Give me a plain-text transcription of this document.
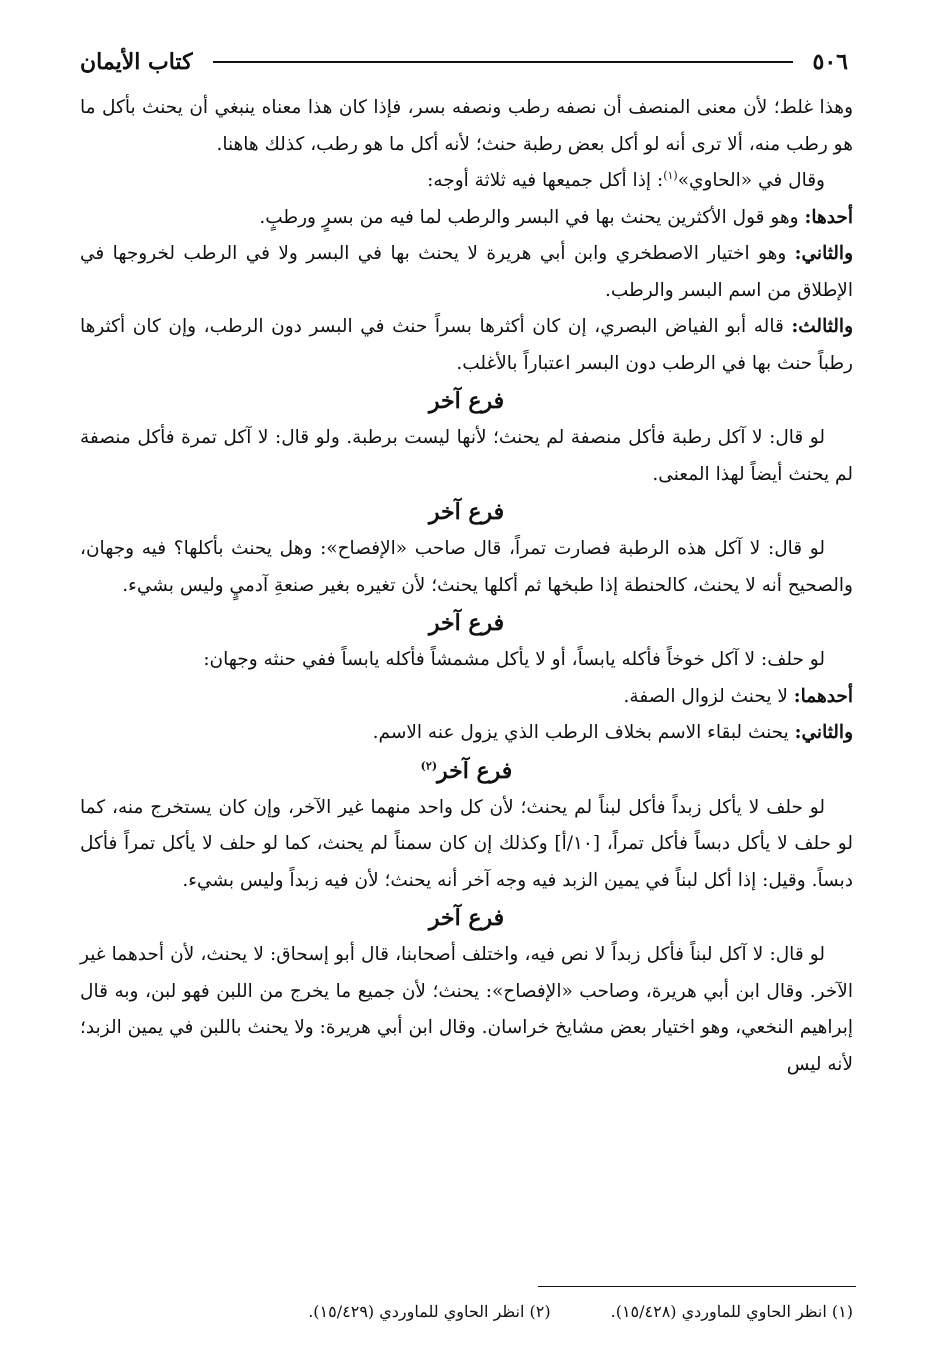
٥٠٦
كتاب الأيمان

وهذا غلط؛ لأن معنى المنصف أن نصفه رطب ونصفه بسر، فإذا كان هذا معناه ينبغي أن يحنث بأكل ما هو رطب منه، ألا ترى أنه لو أكل بعض رطبة حنث؛ لأنه أكل ما هو رطب، كذلك هاهنا.

وقال في «الحاوي»$^{(١)}$: إذا أكل جميعها فيه ثلاثة أوجه:

أحدها: وهو قول الأكثرين يحنث بها في البسر والرطب لما فيه من بسرٍ ورطبٍ.

والثاني: وهو اختيار الاصطخري وابن أبي هريرة لا يحنث بها في البسر ولا في الرطب لخروجها في الإطلاق من اسم البسر والرطب.

والثالث: قاله أبو الفياض البصري، إن كان أكثرها بسراً حنث في البسر دون الرطب، وإن كان أكثرها رطباً حنث بها في الرطب دون البسر اعتباراً بالأغلب.

فرع آخر

لو قال: لا آكل رطبة فأكل منصفة لم يحنث؛ لأنها ليست برطبة. ولو قال: لا آكل تمرة فأكل منصفة لم يحنث أيضاً لهذا المعنى.

فرع آخر

لو قال: لا آكل هذه الرطبة فصارت تمراً، قال صاحب «الإفصاح»: وهل يحنث بأكلها؟ فيه وجهان، والصحيح أنه لا يحنث، كالحنطة إذا طبخها ثم أكلها يحنث؛ لأن تغيره بغير صنعةِ آدميٍ وليس بشيء.

فرع آخر

لو حلف: لا آكل خوخاً فأكله يابساً، أو لا يأكل مشمشاً فأكله يابساً ففي حنثه وجهان:

أحدهما: لا يحنث لزوال الصفة.

والثاني: يحنث لبقاء الاسم بخلاف الرطب الذي يزول عنه الاسم.

فرع آخر$^{(٢)}$

لو حلف لا يأكل زبداً فأكل لبناً لم يحنث؛ لأن كل واحد منهما غير الآخر، وإن كان يستخرج منه، كما لو حلف لا يأكل دبساً فأكل تمراً، [١٠/أ] وكذلك إن كان سمناً لم يحنث، كما لو حلف لا يأكل تمراً فأكل دبساً. وقيل: إذا أكل لبناً في يمين الزبد فيه وجه آخر أنه يحنث؛ لأن فيه زبداً وليس بشيء.

فرع آخر

لو قال: لا آكل لبناً فأكل زبداً لا نص فيه، واختلف أصحابنا، قال أبو إسحاق: لا يحنث، لأن أحدهما غير الآخر. وقال ابن أبي هريرة، وصاحب «الإفصاح»: يحنث؛ لأن جميع ما يخرج من اللبن فهو لبن، وبه قال إبراهيم النخعي، وهو اختيار بعض مشايخ خراسان. وقال ابن أبي هريرة: ولا يحنث باللبن في يمين الزبد؛ لأنه ليس

(١) انظر الحاوي للماوردي (١٥/٤٢٨).
(٢) انظر الحاوي للماوردي (١٥/٤٢٩).
